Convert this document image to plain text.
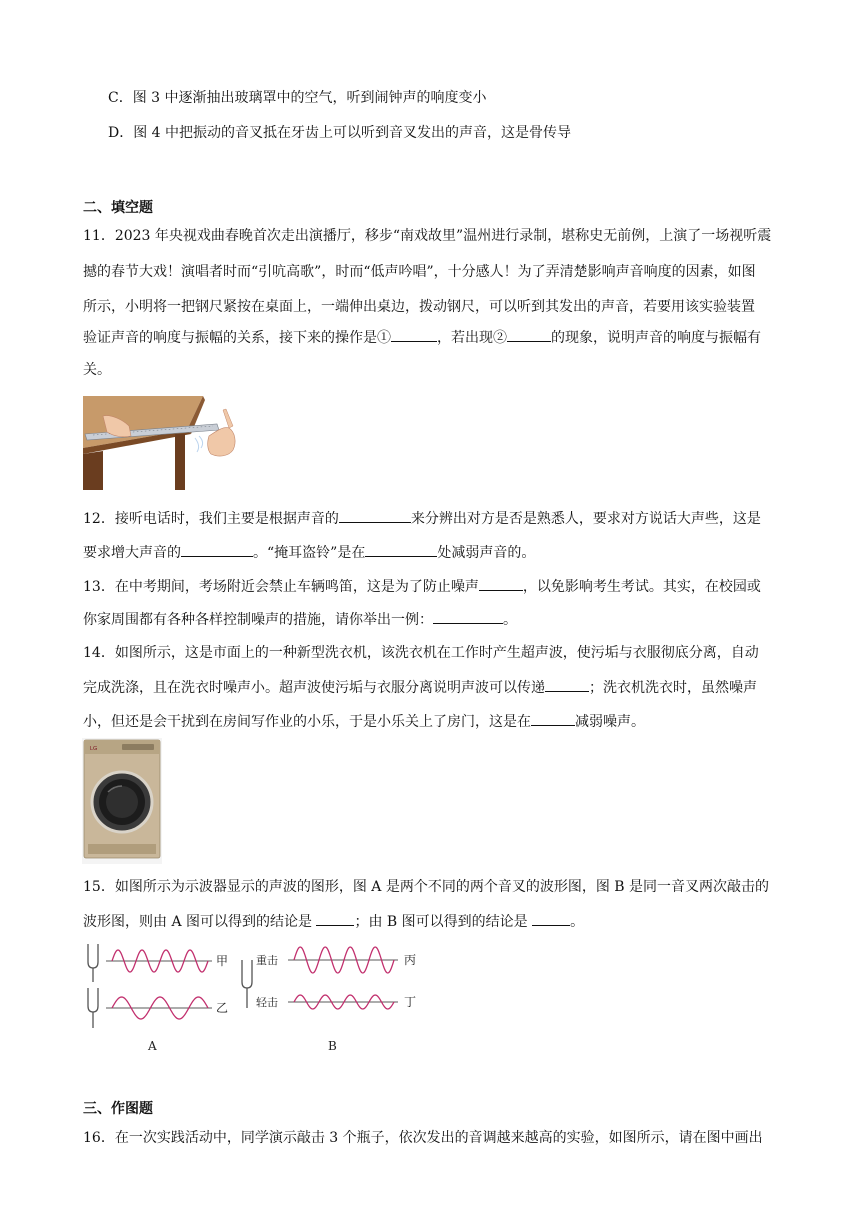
C．图 3 中逐渐抽出玻璃罩中的空气，听到闹钟声的响度变小
D．图 4 中把振动的音叉抵在牙齿上可以听到音叉发出的声音，这是骨传导
二、填空题
11．2023 年央视戏曲春晚首次走出演播厅，移步“南戏故里”温州进行录制，堪称史无前例，上演了一场视听震
撼的春节大戏！演唱者时而“引吭高歌”，时而“低声吟唱”，十分感人！为了弄清楚影响声音响度的因素，如图
所示，小明将一把钢尺紧按在桌面上，一端伸出桌边，拨动钢尺，可以听到其发出的声音，若要用该实验装置
验证声音的响度与振幅的关系，接下来的操作是①	，若出现②	的现象，说明声音的响度与振幅有
关。
12．接听电话时，我们主要是根据声音的	来分辨出对方是否是熟悉人，要求对方说话大声些，这是
要求增大声音的	。“掩耳盗铃”是在	处减弱声音的。
13．在中考期间，考场附近会禁止车辆鸣笛，这是为了防止噪声	，以免影响考生考试。其实，在校园或
你家周围都有各种各样控制噪声的措施，请你举出一例：	。
14．如图所示，这是市面上的一种新型洗衣机，该洗衣机在工作时产生超声波，使污垢与衣服彻底分离，自动
完成洗涤，且在洗衣时噪声小。超声波使污垢与衣服分离说明声波可以传递	；洗衣机洗衣时，虽然噪声
小，但还是会干扰到在房间写作业的小乐，于是小乐关上了房门，这是在	减弱噪声。
LG
15．如图所示为示波器显示的声波的图形，图 A 是两个不同的两个音叉的波形图，图 B 是同一音叉两次敲击的
波形图，则由 A 图可以得到的结论是	；由 B 图可以得到的结论是	。
甲
乙
A
重击	丙
轻击	丁
B
三、作图题
16．在一次实践活动中，同学演示敲击 3 个瓶子，依次发出的音调越来越高的实验，如图所示，请在图中画出
